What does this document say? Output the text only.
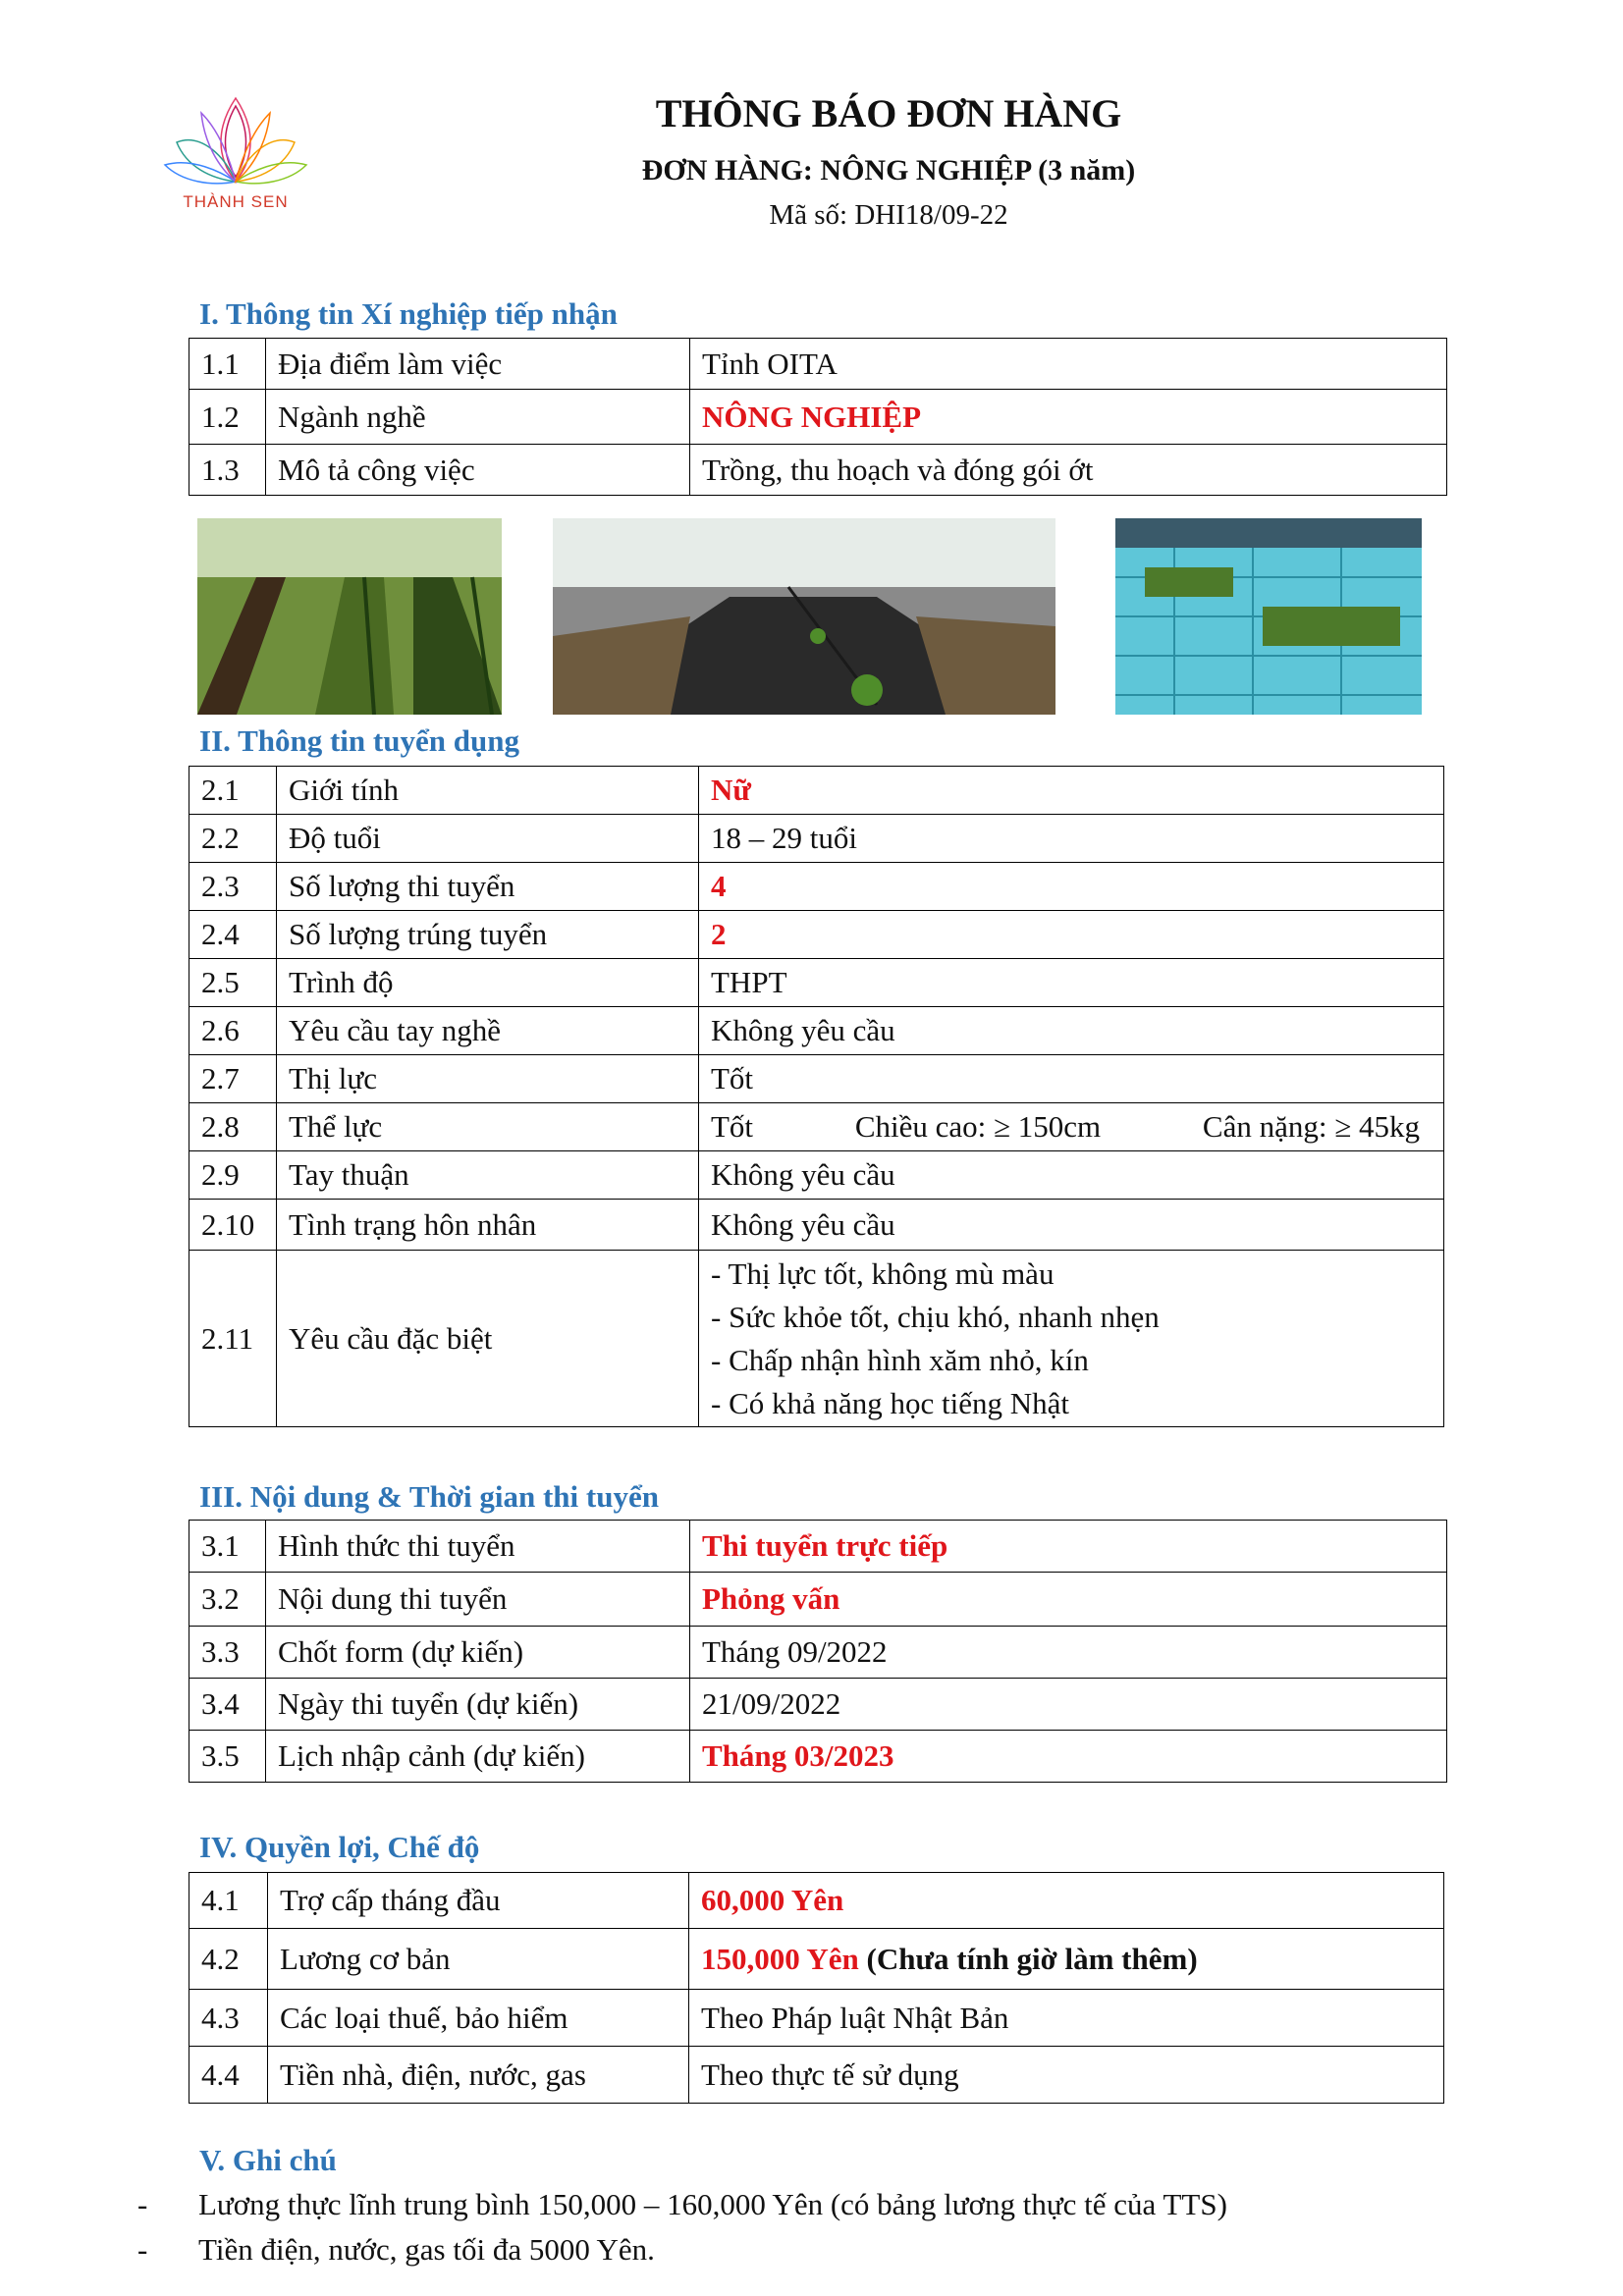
THÀNH SEN
THÔNG BÁO ĐƠN HÀNG
ĐƠN HÀNG: NÔNG NGHIỆP (3 năm)
Mã số: DHI18/09-22
I. Thông tin Xí nghiệp tiếp nhận
1.1	Địa điểm làm việc	Tỉnh OITA
1.2	Ngành nghề	NÔNG NGHIỆP
1.3	Mô tả công việc	Trồng, thu hoạch và đóng gói ớt
II. Thông tin tuyển dụng
2.1	Giới tính	Nữ
2.2	Độ tuổi	18 – 29 tuổi
2.3	Số lượng thi tuyển	4
2.4	Số lượng trúng tuyển	2
2.5	Trình độ	THPT
2.6	Yêu cầu tay nghề	Không yêu cầu
2.7	Thị lực	Tốt
2.8	Thể lực	Tốt Chiều cao: ≥ 150cm Cân nặng: ≥ 45kg

2.9	Tay thuận	Không yêu cầu
2.10	Tình trạng hôn nhân	Không yêu cầu
2.11	Yêu cầu đặc biệt	- Thị lực tốt, không mù màu
- Sức khỏe tốt, chịu khó, nhanh nhẹn
- Chấp nhận hình xăm nhỏ, kín
- Có khả năng học tiếng Nhật
III. Nội dung & Thời gian thi tuyển
3.1	Hình thức thi tuyển	Thi tuyển trực tiếp
3.2	Nội dung thi tuyển	Phỏng vấn
3.3	Chốt form (dự kiến)	Tháng 09/2022
3.4	Ngày thi tuyển (dự kiến)	21/09/2022
3.5	Lịch nhập cảnh (dự kiến)	Tháng 03/2023
IV. Quyền lợi, Chế độ
4.1	Trợ cấp tháng đầu	60,000 Yên
4.2	Lương cơ bản	150,000 Yên (Chưa tính giờ làm thêm)
4.3	Các loại thuế, bảo hiểm	Theo Pháp luật Nhật Bản
4.4	Tiền nhà, điện, nước, gas	Theo thực tế sử dụng
V. Ghi chú
- Lương thực lĩnh trung bình 150,000 – 160,000 Yên (có bảng lương thực tế của TTS)
- Tiền điện, nước, gas tối đa 5000 Yên.
